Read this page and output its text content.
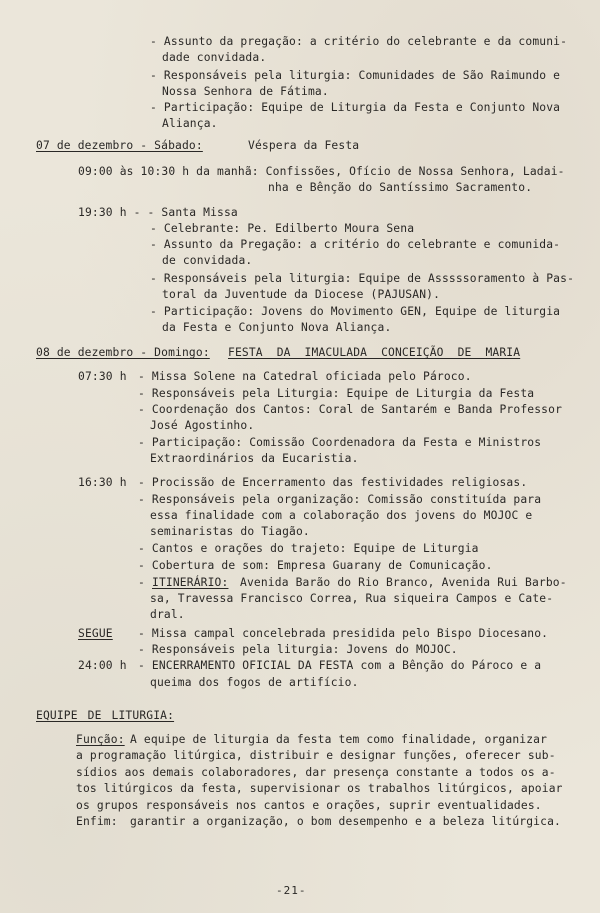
- Assunto da pregação: a critério do celebrante e da comuni-
dade convidada.
- Responsáveis pela liturgia: Comunidades de São Raimundo e
Nossa Senhora de Fátima.
- Participação: Equipe de Liturgia da Festa e Conjunto Nova
Aliança.
07 de dezembro - Sábado:	Véspera da Festa
09:00 às 10:30 h da manhã: Confissões, Ofício de Nossa Senhora, Ladai-
nha e Bênção do Santíssimo Sacramento.
19:30 h - - Santa Missa
- Celebrante: Pe. Edilberto Moura Sena
- Assunto da Pregação: a critério do celebrante e comunida-
de convidada.
- Responsáveis pela liturgia: Equipe de Asssssoramento à Pas-
toral da Juventude da Diocese (PAJUSAN).
- Participação: Jovens do Movimento GEN, Equipe de liturgia
da Festa e Conjunto Nova Aliança.
08 de dezembro - Domingo: FESTA DA IMACULADA CONCEIÇÃO DE MARIA
07:30 h - Missa Solene na Catedral oficiada pelo Pároco.
- Responsáveis pela Liturgia: Equipe de Liturgia da Festa
- Coordenação dos Cantos: Coral de Santarém e Banda Professor
José Agostinho.
- Participação: Comissão Coordenadora da Festa e Ministros
Extraordinários da Eucaristia.
16:30 h - Procissão de Encerramento das festividades religiosas.
- Responsáveis pela organização: Comissão constituída para
essa finalidade com a colaboração dos jovens do MOJOC e
seminaristas do Tiagão.
- Cantos e orações do trajeto: Equipe de Liturgia
- Cobertura de som: Empresa Guarany de Comunicação.
- ITINERÁRIO: Avenida Barão do Rio Branco, Avenida Rui Barbo-
sa, Travessa Francisco Correa, Rua siqueira Campos e Cate-
dral.
SEGUE - Missa campal concelebrada presidida pelo Bispo Diocesano.
- Responsáveis pela liturgia: Jovens do MOJOC.
24:00 h - ENCERRAMENTO OFICIAL DA FESTA com a Bênção do Pároco e a
queima dos fogos de artifício.
EQUIPE DE LITURGIA:
Função: A equipe de liturgia da festa tem como finalidade, organizar
a programação litúrgica, distribuir e designar funções, oferecer sub-
sídios aos demais colaboradores, dar presença constante a todos os a-
tos litúrgicos da festa, supervisionar os trabalhos litúrgicos, apoiar
os grupos responsáveis nos cantos e orações, suprir eventualidades.
Enfim: garantir a organização, o bom desempenho e a beleza litúrgica.
-21-
